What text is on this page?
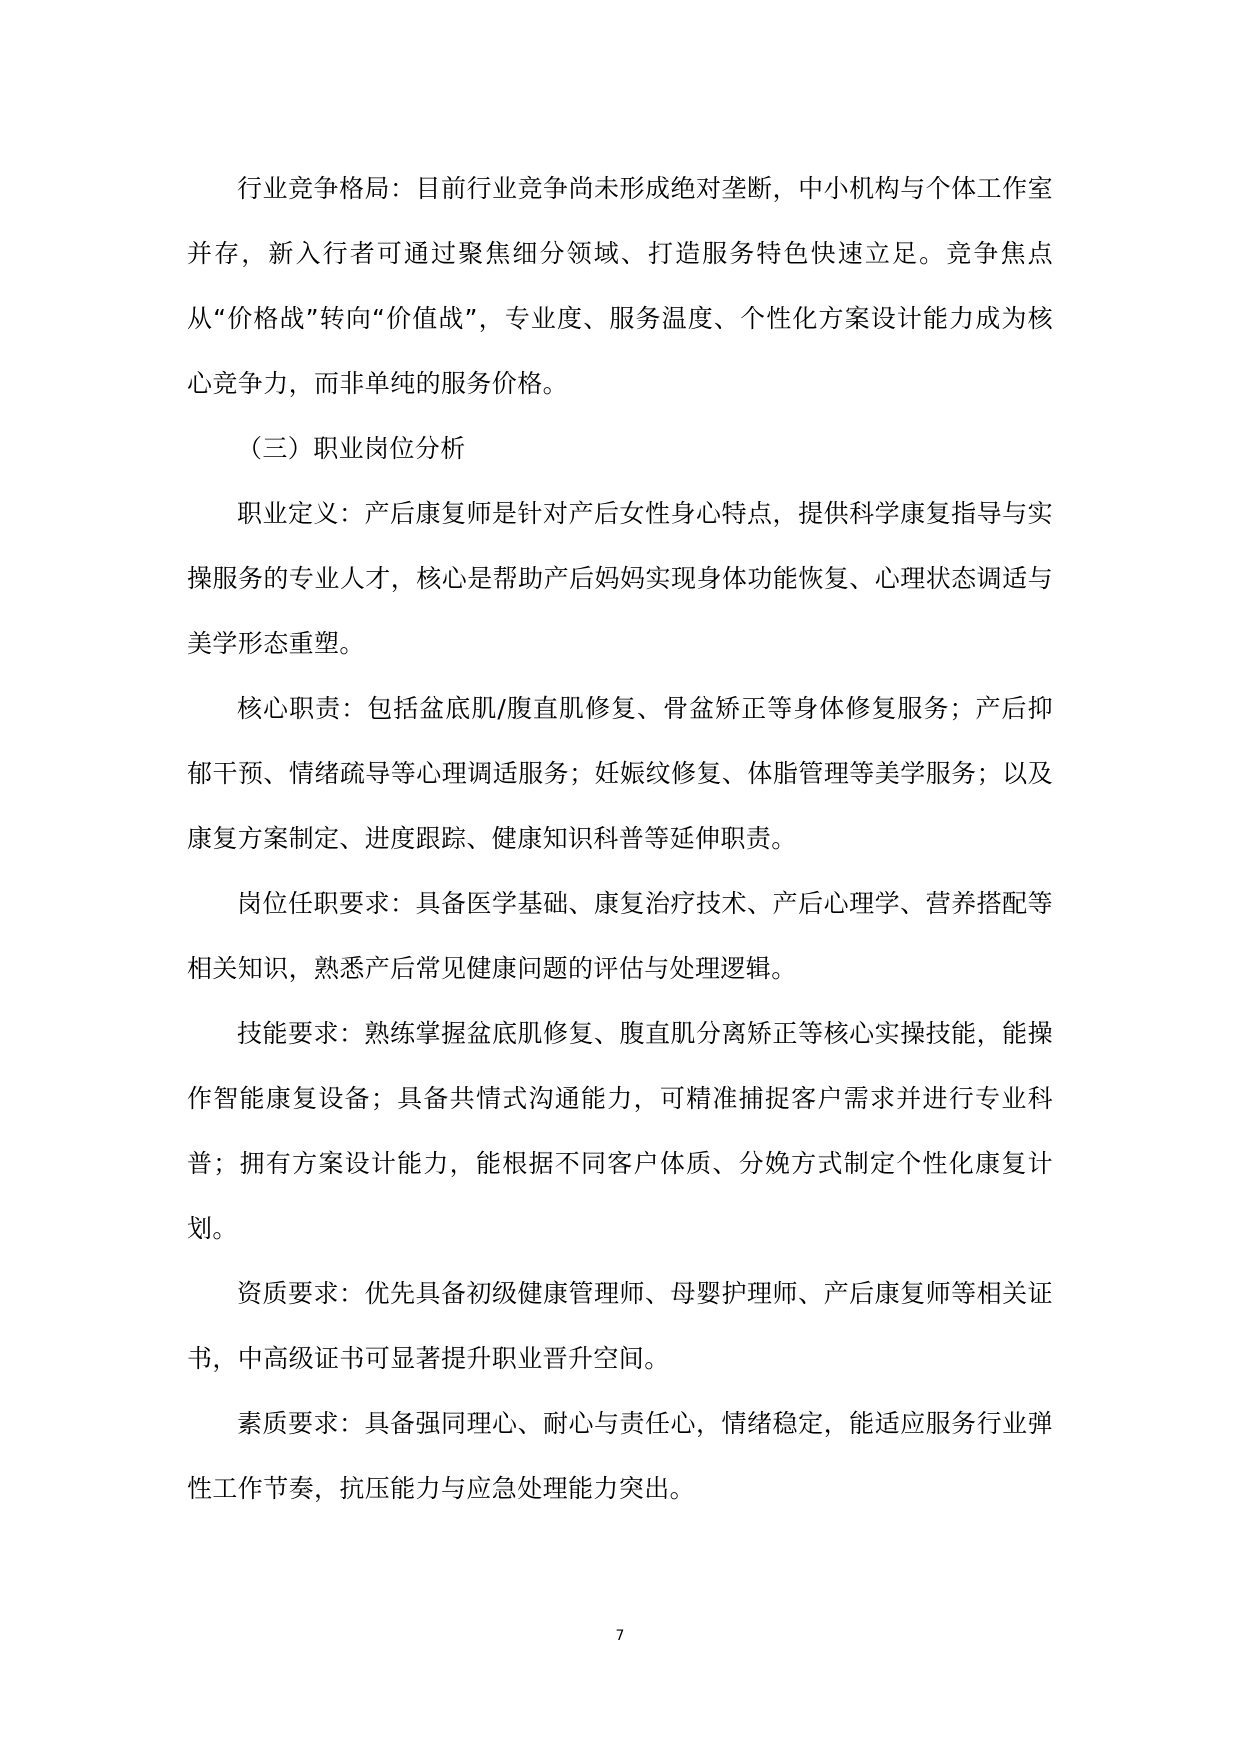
行业竞争格局：目前行业竞争尚未形成绝对垄断，中小机构与个体工作室并存，新入行者可通过聚焦细分领域、打造服务特色快速立足。竞争焦点从“价格战”转向“价值战”，专业度、服务温度、个性化方案设计能力成为核心竞争力，而非单纯的服务价格。

（三）职业岗位分析

职业定义：产后康复师是针对产后女性身心特点，提供科学康复指导与实操服务的专业人才，核心是帮助产后妈妈实现身体功能恢复、心理状态调适与美学形态重塑。

核心职责：包括盆底肌/腹直肌修复、骨盆矫正等身体修复服务；产后抑郁干预、情绪疏导等心理调适服务；妊娠纹修复、体脂管理等美学服务；以及康复方案制定、进度跟踪、健康知识科普等延伸职责。

岗位任职要求：具备医学基础、康复治疗技术、产后心理学、营养搭配等相关知识，熟悉产后常见健康问题的评估与处理逻辑。

技能要求：熟练掌握盆底肌修复、腹直肌分离矫正等核心实操技能，能操作智能康复设备；具备共情式沟通能力，可精准捕捉客户需求并进行专业科普；拥有方案设计能力，能根据不同客户体质、分娩方式制定个性化康复计划。

资质要求：优先具备初级健康管理师、母婴护理师、产后康复师等相关证书，中高级证书可显著提升职业晋升空间。

素质要求：具备强同理心、耐心与责任心，情绪稳定，能适应服务行业弹性工作节奏，抗压能力与应急处理能力突出。

7
